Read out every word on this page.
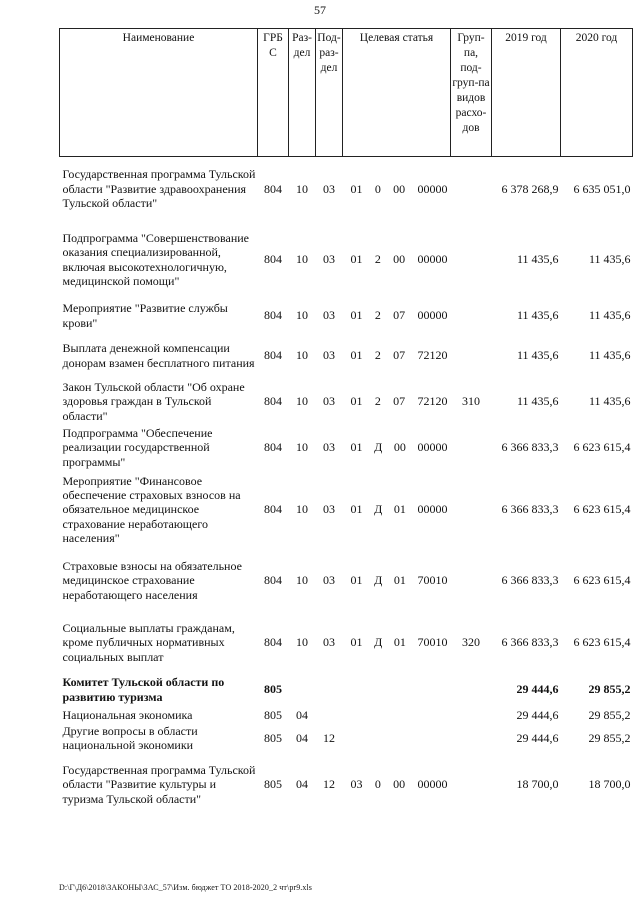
57
Наименование	ГРБ С	Раз-дел	Под-раз-дел	Целевая статья	Груп-па, под-груп-па видов расхо-дов	2019 год	2020 год
Государственная программа Тульской области "Развитие здравоохранения Тульской области"	804	10	03	01 0 00 00000		6 378 268,9	6 635 051,0
Подпрограмма "Совершенствование оказания специализированной, включая высокотехнологичную, медицинской помощи"	804	10	03	01 2 00 00000		11 435,6	11 435,6
Мероприятие "Развитие службы крови"	804	10	03	01 2 07 00000		11 435,6	11 435,6
Выплата денежной компенсации донорам взамен бесплатного питания	804	10	03	01 2 07 72120		11 435,6	11 435,6
Закон Тульской области "Об охране здоровья граждан в Тульской области"	804	10	03	01 2 07 72120	310	11 435,6	11 435,6
Подпрограмма "Обеспечение реализации государственной программы"	804	10	03	01 Д 00 00000		6 366 833,3	6 623 615,4
Мероприятие "Финансовое обеспечение страховых взносов на обязательное медицинское страхование неработающего населения"	804	10	03	01 Д 01 00000		6 366 833,3	6 623 615,4
Страховые взносы на обязательное медицинское страхование неработающего населения	804	10	03	01 Д 01 70010		6 366 833,3	6 623 615,4
Социальные выплаты гражданам, кроме публичных нормативных социальных выплат	804	10	03	01 Д 01 70010	320	6 366 833,3	6 623 615,4
Комитет Тульской области по развитию туризма	805					29 444,6	29 855,2
Национальная экономика	805	04				29 444,6	29 855,2
Другие вопросы в области национальной экономики	805	04	12			29 444,6	29 855,2
Государственная программа Тульской области "Развитие культуры и туризма Тульской области"	805	04	12	03 0 00 00000		18 700,0	18 700,0
D:\Г\Д6\2018\ЗАКОНЫ\ЗАС_57\Изм. бюджет ТО 2018-2020_2 чт\pr9.xls
